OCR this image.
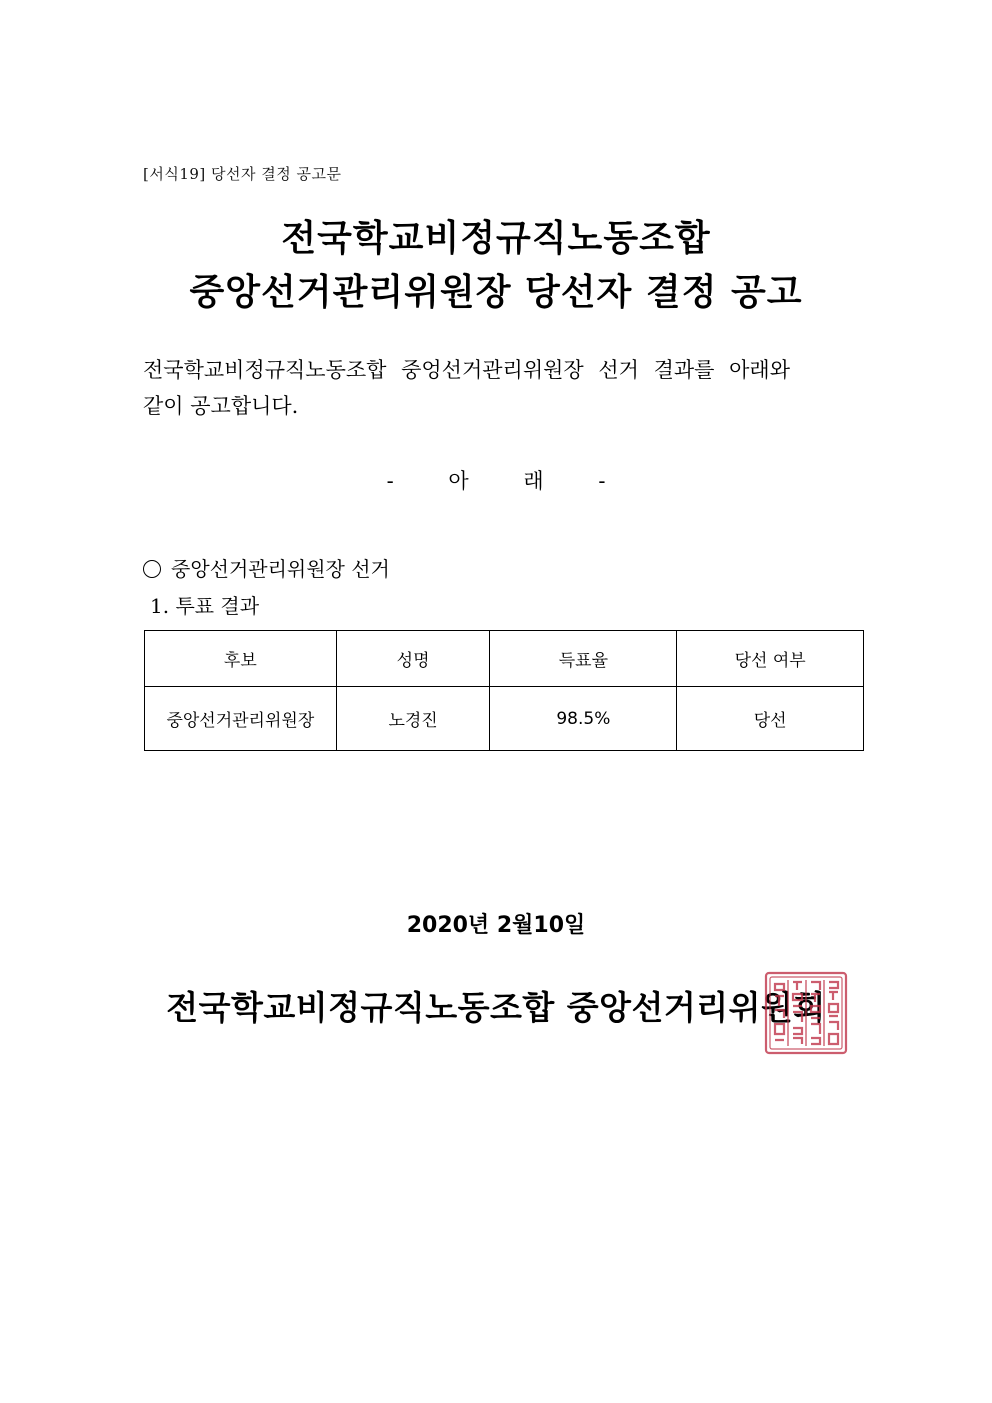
[서식19] 당선자 결정 공고문
전국학교비정규직노동조합
중앙선거관리위원장 당선자 결정 공고
전국학교비정규직노동조합 중엉선거관리위원장 선거 결과를 아래와
같이 공고합니다.
-	아	래	-
중앙선거관리위원장 선거
1. 투표 결과
후보	성명	득표율	당선 여부
중앙선거관리위원장	노경진	98.5%	당선
2020년 2월10일
전국학교비정규직노동조합 중앙선거리위원회
